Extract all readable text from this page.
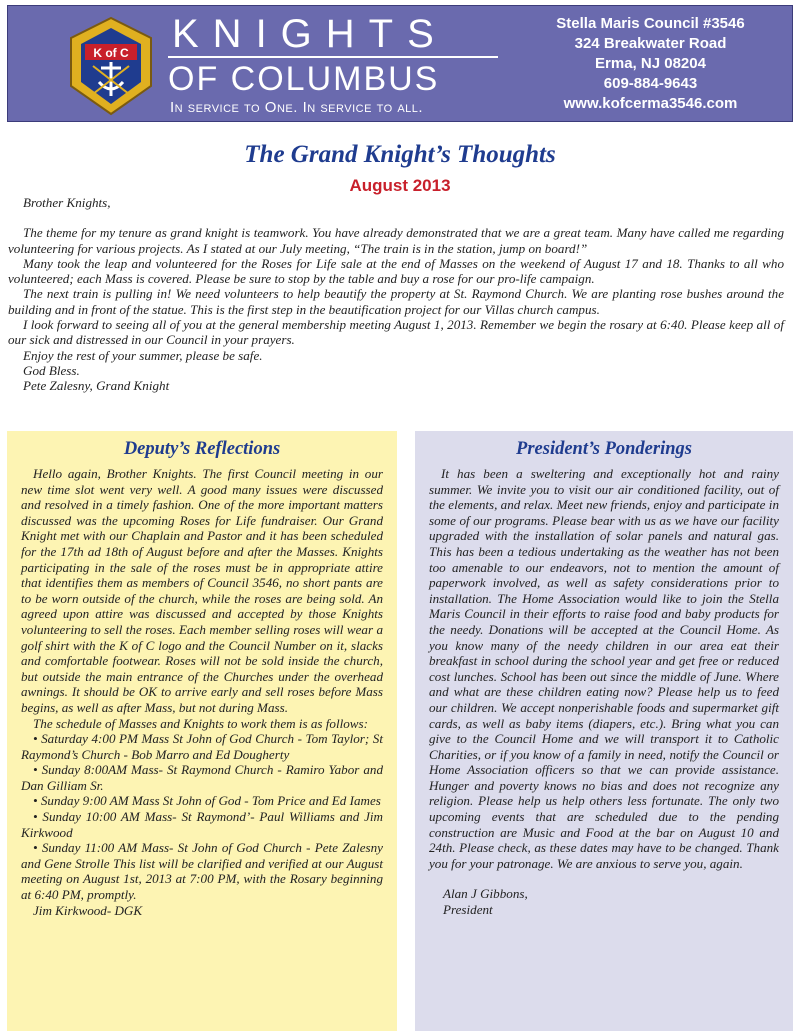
K of C KNIGHTS
OF COLUMBUS
In service to One. In service to all.
Stella Maris Council #3546
324 Breakwater Road
Erma, NJ 08204
609-884-9643
www.kofcerma3546.com
The Grand Knight’s Thoughts
August 2013

Brother Knights,

The theme for my tenure as grand knight is teamwork. You have already demonstrated that we are a great team. Many have called me regarding volunteering for various projects. As I stated at our July meeting, “The train is in the station, jump on board!”

Many took the leap and volunteered for the Roses for Life sale at the end of Masses on the weekend of August 17 and 18. Thanks to all who volunteered; each Mass is covered. Please be sure to stop by the table and buy a rose for our pro-life campaign.

The next train is pulling in! We need volunteers to help beautify the property at St. Raymond Church. We are planting rose bushes around the building and in front of the statue. This is the first step in the beautification project for our Villas church campus.

I look forward to seeing all of you at the general membership meeting August 1, 2013. Remember we begin the rosary at 6:40. Please keep all of our sick and distressed in our Council in your prayers.

Enjoy the rest of your summer, please be safe.

God Bless.

Pete Zalesny, Grand Knight

Deputy’s Reflections

Hello again, Brother Knights. The first Council meeting in our new time slot went very well. A good many issues were discussed and resolved in a timely fashion. One of the more important matters discussed was the upcoming Roses for Life fundraiser. Our Grand Knight met with our Chaplain and Pastor and it has been scheduled for the 17th ad 18th of August before and after the Masses. Knights participating in the sale of the roses must be in appropriate attire that identifies them as members of Council 3546, no short pants are to be worn outside of the church, while the roses are being sold. An agreed upon attire was discussed and accepted by those Knights volunteering to sell the roses. Each member selling roses will wear a golf shirt with the K of C logo and the Council Number on it, slacks and comfortable footwear. Roses will not be sold inside the church, but outside the main entrance of the Churches under the overhead awnings. It should be OK to arrive early and sell roses before Mass begins, as well as after Mass, but not during Mass.

The schedule of Masses and Knights to work them is as follows:

• Saturday 4:00 PM Mass St John of God Church - Tom Taylor; St Raymond’s Church - Bob Marro and Ed Dougherty

• Sunday 8:00AM Mass- St Raymond Church - Ramiro Yabor and Dan Gilliam Sr.

• Sunday 9:00 AM Mass St John of God - Tom Price and Ed Iames

• Sunday 10:00 AM Mass- St Raymond’- Paul Williams and Jim Kirkwood

• Sunday 11:00 AM Mass- St John of God Church - Pete Zalesny and Gene Strolle This list will be clarified and verified at our August meeting on August 1st, 2013 at 7:00 PM, with the Rosary beginning at 6:40 PM, promptly.

Jim Kirkwood- DGK

President’s Ponderings

It has been a sweltering and exceptionally hot and rainy summer. We invite you to visit our air conditioned facility, out of the elements, and relax. Meet new friends, enjoy and participate in some of our programs. Please bear with us as we have our facility upgraded with the installation of solar panels and natural gas. This has been a tedious undertaking as the weather has not been too amenable to our endeavors, not to mention the amount of paperwork involved, as well as safety considerations prior to installation. The Home Association would like to join the Stella Maris Council in their efforts to raise food and baby products for the needy. Donations will be accepted at the Council Home. As you know many of the needy children in our area eat their breakfast in school during the school year and get free or reduced cost lunches. School has been out since the middle of June. Where and what are these children eating now? Please help us to feed our children. We accept nonperishable foods and supermarket gift cards, as well as baby items (diapers, etc.). Bring what you can give to the Council Home and we will transport it to Catholic Charities, or if you know of a family in need, notify the Council or Home Association officers so that we can provide assistance. Hunger and poverty knows no bias and does not recognize any religion. Please help us help others less fortunate. The only two upcoming events that are scheduled due to the pending construction are Music and Food at the bar on August 10 and 24th. Please check, as these dates may have to be changed. Thank you for your patronage. We are anxious to serve you, again.

Alan J Gibbons,
President
